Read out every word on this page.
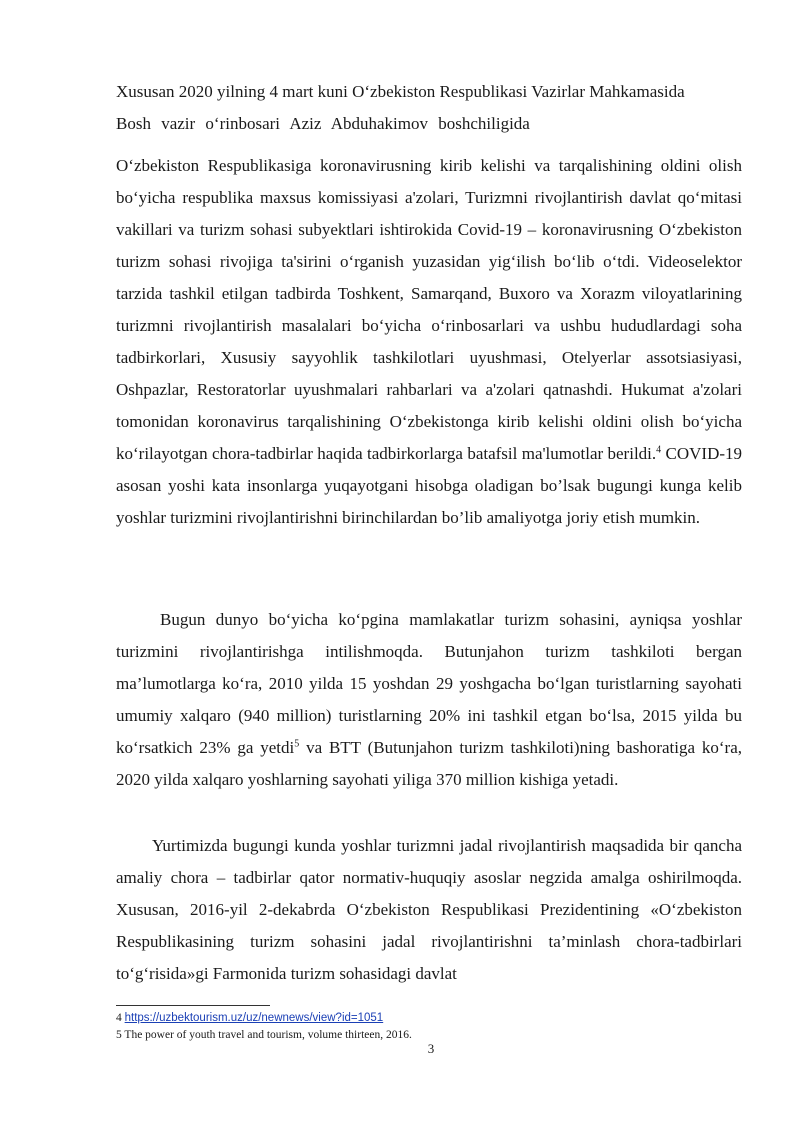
Xususan 2020 yilning 4 mart kuni O‘zbekiston Respublikasi Vazirlar Mahkamasida
Bosh vazir o‘rinbosari Aziz Abduhakimov boshchiligida

O‘zbekiston Respublikasiga koronavirusning kirib kelishi va tarqalishining oldini olish bo‘yicha respublika maxsus komissiyasi a'zolari, Turizmni rivojlantirish davlat qo‘mitasi vakillari va turizm sohasi subyektlari ishtirokida Covid-19 – koronavirusning O‘zbekiston turizm sohasi rivojiga ta'sirini o‘rganish yuzasidan yig‘ilish bo‘lib o‘tdi. Videoselektor tarzida tashkil etilgan tadbirda Toshkent, Samarqand, Buxoro va Xorazm viloyatlarining turizmni rivojlantirish masalalari bo‘yicha o‘rinbosarlari va ushbu hududlardagi soha tadbirkorlari, Xususiy sayyohlik tashkilotlari uyushmasi, Otelyerlar assotsiasiyasi, Oshpazlar, Restoratorlar uyushmalari rahbarlari va a'zolari qatnashdi. Hukumat a'zolari tomonidan koronavirus tarqalishining O‘zbekistonga kirib kelishi oldini olish bo‘yicha ko‘rilayotgan chora-tadbirlar haqida tadbirkorlarga batafsil ma'lumotlar berildi.$^4$ COVID-19 asosan yoshi kata insonlarga yuqayotgani hisobga oladigan bo’lsak bugungi kunga kelib yoshlar turizmini rivojlantirishni birinchilardan bo’lib amaliyotga joriy etish mumkin.

Bugun dunyo bo‘yicha ko‘pgina mamlakatlar turizm sohasini, ayniqsa yoshlar turizmini rivojlantirishga intilishmoqda. Butunjahon turizm tashkiloti bergan ma’lumotlarga ko‘ra, 2010 yilda 15 yoshdan 29 yoshgacha bo‘lgan turistlarning sayohati umumiy xalqaro (940 million) turistlarning 20% ini tashkil etgan bo‘lsa, 2015 yilda bu ko‘rsatkich 23% ga yetdi$^5$ va BTT (Butunjahon turizm tashkiloti)ning bashoratiga ko‘ra, 2020 yilda xalqaro yoshlarning sayohati yiliga 370 million kishiga yetadi.

Yurtimizda bugungi kunda yoshlar turizmni jadal rivojlantirish maqsadida bir qancha amaliy chora – tadbirlar qator normativ-huquqiy asoslar negzida amalga oshirilmoqda. Xususan, 2016-yil 2-dekabrda O‘zbekiston Respublikasi Prezidentining «O‘zbekiston Respublikasining turizm sohasini jadal rivojlantirishni ta’minlash chora-tadbirlari to‘g‘risida»gi Farmonida turizm sohasidagi davlat

4 https://uzbektourism.uz/uz/newnews/view?id=1051
5 The power of youth travel and tourism, volume thirteen, 2016.
3
